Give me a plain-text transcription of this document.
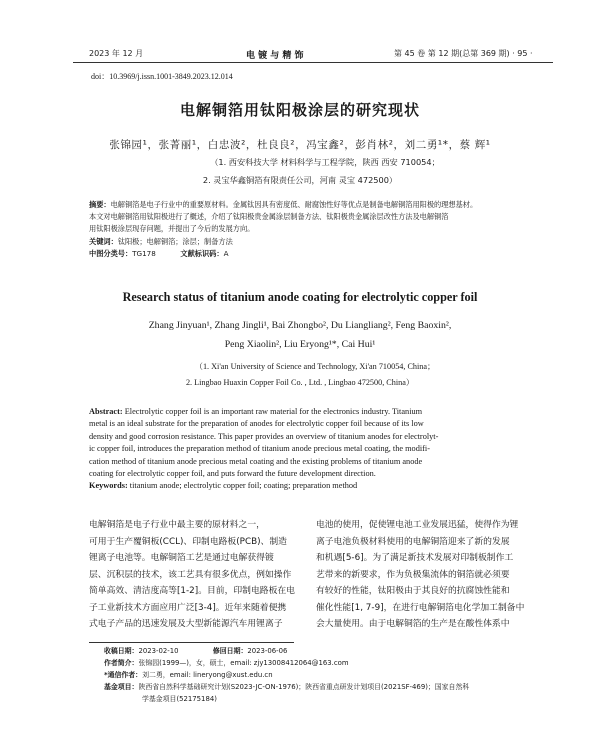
2023 年 12 月	电 镀 与 精 饰	第 45 卷 第 12 期(总第 369 期) · 95 ·
doi：10.3969/j.issn.1001-3849.2023.12.014
电解铜箔用钛阳极涂层的研究现状
张锦园¹，张菁丽¹，白忠波²，杜良良²，冯宝鑫²，彭肖林²，刘二勇¹*，蔡 辉¹
（1. 西安科技大学 材料科学与工程学院，陕西 西安 710054；
2. 灵宝华鑫铜箔有限责任公司，河南 灵宝 472500）
摘要：电解铜箔是电子行业中的重要原材料。金属钛因具有密度低、耐腐蚀性好等优点是制备电解铜箔用阳极的理想基材。
本文对电解铜箔用钛阳极进行了概述，介绍了钛阳极贵金属涂层制备方法、钛阳极贵金属涂层改性方法及电解铜箔
用钛阳极涂层现存问题，并提出了今后的发展方向。
关键词：钛阳极；电解铜箔；涂层；制备方法
中图分类号：TG178	文献标识码：A
Research status of titanium anode coating for electrolytic copper foil
Zhang Jinyuan¹, Zhang Jingli¹, Bai Zhongbo², Du Liangliang², Feng Baoxin²,
Peng Xiaolin², Liu Eryong¹*, Cai Hui¹
（1. Xi'an University of Science and Technology, Xi'an 710054, China；
2. Lingbao Huaxin Copper Foil Co. , Ltd. , Lingbao 472500, China）
Abstract: Electrolytic copper foil is an important raw material for the electronics industry. Titanium
metal is an ideal substrate for the preparation of anodes for electrolytic copper foil because of its low
density and good corrosion resistance. This paper provides an overview of titanium anodes for electrolyt-
ic copper foil, introduces the preparation method of titanium anode precious metal coating, the modifi-
cation method of titanium anode precious metal coating and the existing problems of titanium anode
coating for electrolytic copper foil, and puts forward the future development direction.
Keywords: titanium anode; electrolytic copper foil; coating; preparation method
电解铜箔是电子行业中最主要的原材料之一，
可用于生产覆铜板(CCL)、印制电路板(PCB)、制造
锂离子电池等。电解铜箔工艺是通过电解获得镀
层、沉积层的技术，该工艺具有很多优点，例如操作
简单高效、清洁度高等[1-2]。目前，印制电路板在电
子工业新技术方面应用广泛[3-4]。近年来随着便携
式电子产品的迅速发展及大型新能源汽车用锂离子
电池的使用，促使锂电池工业发展迅猛，使得作为锂
离子电池负极材料使用的电解铜箔迎来了新的发展
和机遇[5-6]。为了满足新技术发展对印制板制作工
艺带来的新要求，作为负极集流体的铜箔就必须要
有较好的性能，钛阳极由于其良好的抗腐蚀性能和
催化性能[1, 7-9]，在进行电解铜箔电化学加工制备中
会大量使用。由于电解铜箔的生产是在酸性体系中
收稿日期：2023-02-10	修回日期：2023-06-06
作者简介：张锦园(1999—)，女，硕士，email: zjy13008412064@163.com
*通信作者：刘二勇，email: lineryong@xust.edu.cn
基金项目：陕西省自然科学基础研究计划(S2023-JC-ON-1976)；陕西省重点研发计划项目(2021SF-469)；国家自然科
学基金项目(52175184)
